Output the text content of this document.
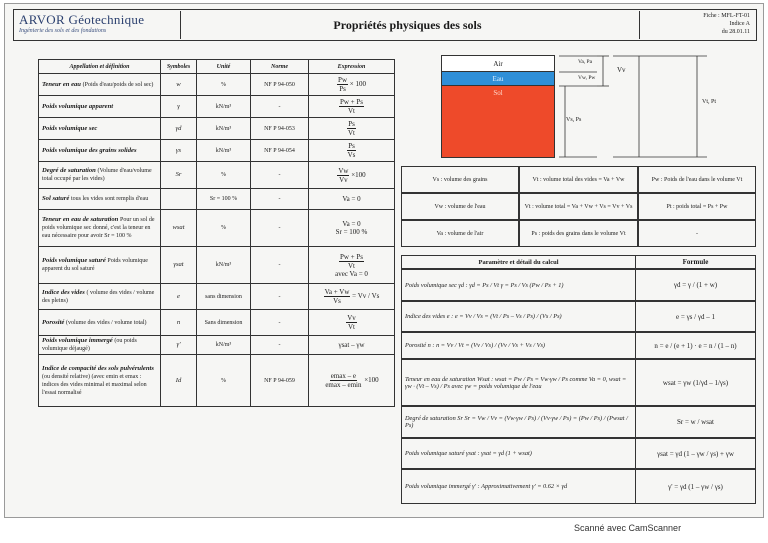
ARVOR Géotechnique
Ingénierie des sols et des fondations	Propriétés physiques des sols
Fiche : MFL-FT-01
Indice A
du 28.01.11
Appellation et définition	Symboles	Unité	Norme	Expression
Teneur en eau (Poids d'eau/poids de sol sec)	w	%	NF P 94-050	$\frac{Pw}{Ps} \times 100$
Poids volumique apparent	γ	kN/m³	-	$\frac{Pw + Ps}{Vt}$

Poids volumique sec	γd	kN/m³	NF P 94-053	$\frac{Ps}{Vt}$

Poids volumique des grains solides	γs	kN/m³	NF P 94-054	$\frac{Ps}{Vs}$

Degré de saturation (Volume d'eau/volume total occupé par les vides)	Sr	%	-	$\frac{Vw}{Vv} \times 100$
Sol saturé tous les vides sont remplis d'eau		Sr = 100 %	-	Va = 0

Teneur en eau de saturation Pour un sol de poids volumique sec donné, c'est la teneur en eau nécessaire pour avoir Sr = 100 %	wsat	%	-	Va = 0
Sr = 100 %

Poids volumique saturé Poids volumique apparent du sol saturé	γsat	kN/m³	-	$\frac{Pw + Ps}{Vt}$
avec Va = 0

Indice des vides ( volume des vides / volume des pleins)	e	sans dimension	-	$\frac{Va + Vw}{Vs} = Vv / Vs$
Porosité (volume des vides / volume total)	n	Sans dimension	-	$\frac{Vv}{Vt}$

Poids volumique immergé (ou poids volumique déjaugé)	γ'	kN/m³	-	γsat – γw

Indice de compacité des sols pulvérulents (ou densité relative) (avec emin et emax : indices des vides minimal et maximal selon l'essai normalisé	Id	%	NF P 94-059	$\frac{emax - e}{emax - emin} \times 100$
Air
Eau
Sol
Va, Pa
Vw, Pw
Vv
Vs, Ps
Vt, Pt
Vs : volume des grains	Vt : volume total des vides = Va + Vw	Pw : Poids de l'eau dans le volume Vt
Vw : volume de l'eau	Vt : volume total = Va + Vw + Vs = Vv + Vs	Pt : poids total = Ps + Pw
Va : volume de l'air	Ps : poids des grains dans le volume Vt	-
Paramètre et détail du calcul	Formule
Poids volumique sec γd : γd = Ps / Vt γ = Ps / Vs (Pw / Ps + 1)	γd = γ / (1 + w)
Indice des vides e : e = Vv / Vs = (Vt / Ps – Vs / Ps) / (Vs / Ps)	e = γs / γd – 1
Porosité n : n = Vv / Vt = (Vv / Vs) / (Vv / Vs + Vs / Vs)	n = e / (e + 1) · e = n / (1 – n)
Teneur en eau de saturation Wsat : wsat = Pw / Ps = Vw·γw / Ps comme Va = 0, wsat = γw · (Vt – Vs) / Ps avec γw = poids volumique de l'eau	wsat = γw (1/γd – 1/γs)
Degré de saturation Sr Sr = Vw / Vv = (Vw·γw / Ps) / (Vv·γw / Ps) = (Pw / Ps) / (Pwsat / Ps)	Sr = w / wsat
Poids volumique saturé γsat : γsat = γd (1 + wsat)	γsat = γd (1 – γw / γs) + γw
Poids volumique immergé γ' : Approximativement γ' = 0.62 × γd	γ' = γd (1 – γw / γs)
Scanné avec CamScanner
